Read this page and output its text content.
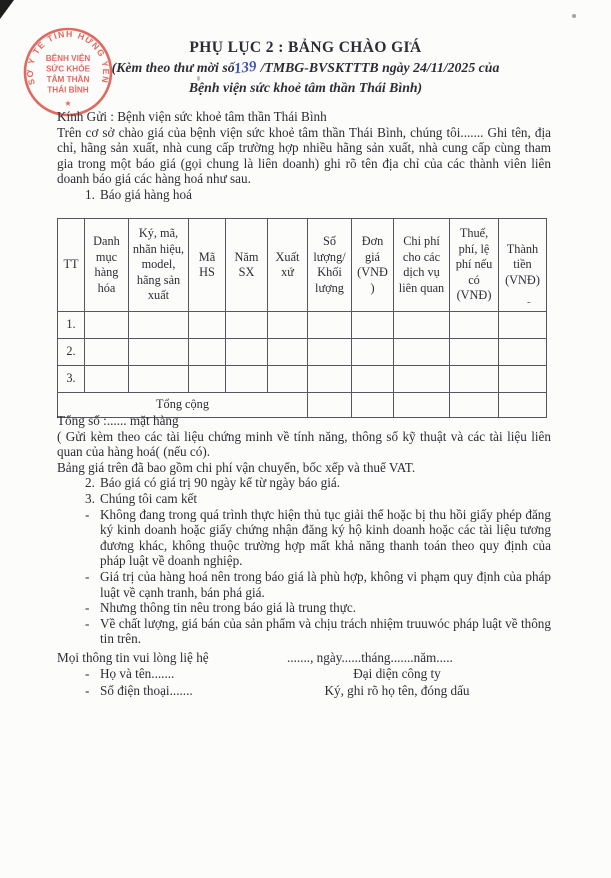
-
SỞ Y TẾ TỈNH HƯNG YÊN
BỆNH VIỆN
SỨC KHỎE
TÂM THẦN
THÁI BÌNH
★
PHỤ LỤC 2 : BẢNG CHÀO GIÁ
(Kèm theo thư mời số139 /TMBG-BVSKTTTB ngày 24/11/2025 của
Bệnh viện sức khoẻ tâm thần Thái Bình)
Kính Gửi : Bệnh viện sức khoẻ tâm thần Thái Bình
Trên cơ sở chào giá của bệnh viện sức khoẻ tâm thần Thái Bình, chúng tôi....... Ghi tên, địa chỉ, hãng sản xuất, nhà cung cấp trường hợp nhiều hãng sản xuất, nhà cung cấp cùng tham gia trong một báo giá (gọi chung là liên doanh) ghi rõ tên địa chỉ của các thành viên liên doanh báo giá các hàng hoá như sau.
1. Báo giá hàng hoá
TT	Danh mục hàng hóa	Ký, mã, nhãn hiệu, model, hãng sản xuất	Mã HS	Năm SX	Xuất xứ	Số lượng/ Khối lượng	Đơn giá (VNĐ )	Chi phí cho các dịch vụ liên quan	Thuế, phí, lệ phí nếu có (VNĐ)	Thành tiền (VNĐ)
1.										
2.										
3.										
Tổng cộng										
Tổng số :...... mặt hàng
( Gửi kèm theo các tài liệu chứng minh về tính năng, thông số kỹ thuật và các tài liệu liên quan của hàng hoá( (nếu có).
Bảng giá trên đã bao gồm chi phí vận chuyển, bốc xếp và thuế VAT.
2. Báo giá có giá trị 90 ngày kể từ ngày báo giá.
3. Chúng tôi cam kết
- Không đang trong quá trình thực hiện thủ tục giải thể hoặc bị thu hồi giấy phép đăng ký kinh doanh hoặc giấy chứng nhận đăng ký hộ kinh doanh hoặc các tài liệu tương đương khác, không thuộc trường hợp mất khả năng thanh toán theo quy định của pháp luật về doanh nghiệp.
- Giá trị của hàng hoá nên trong báo giá là phù hợp, không vi phạm quy định của pháp luật về cạnh tranh, bán phá giá.
- Nhưng thông tin nêu trong báo giá là trung thực.
- Về chất lượng, giá bán của sản phẩm và chịu trách nhiệm truuwóc pháp luật về thông tin trên.
Mọi thông tin vui lòng liệ hệ	......., ngày......tháng.......năm.....
- Họ và tên.......	Đại diện công ty
- Số điện thoại.......	Ký, ghi rõ họ tên, đóng dấu
